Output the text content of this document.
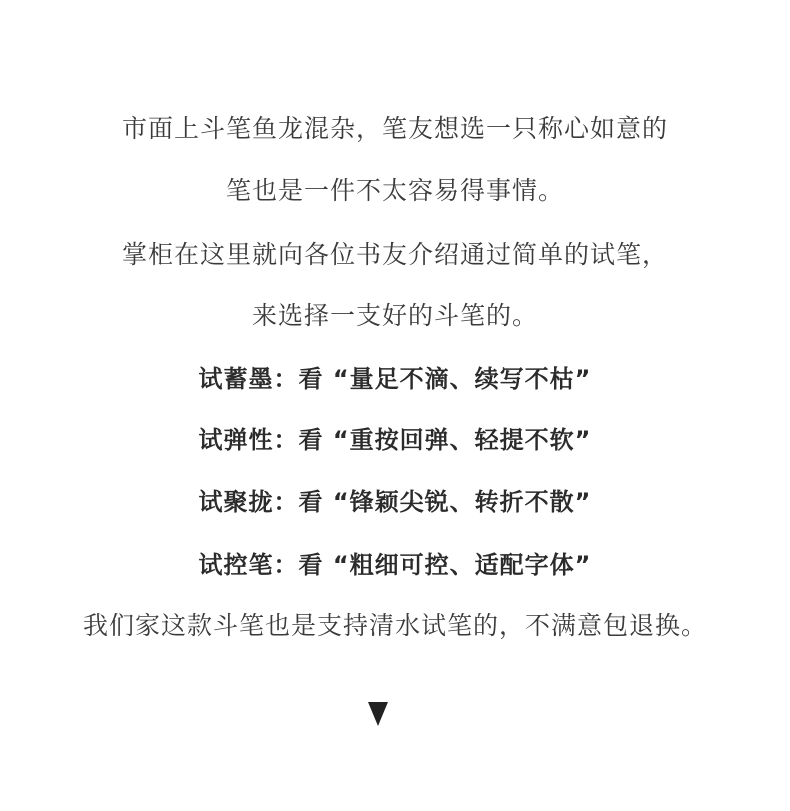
市面上斗笔鱼龙混杂，笔友想选一只称心如意的
笔也是一件不太容易得事情。
掌柜在这里就向各位书友介绍通过简单的试笔，
来选择一支好的斗笔的。
试蓄墨：看 “量足不滴、续写不枯”
试弹性：看 “重按回弹、轻提不软”
试聚拢：看 “锋颖尖锐、转折不散”
试控笔：看 “粗细可控、适配字体”
我们家这款斗笔也是支持清水试笔的，不满意包退换。
